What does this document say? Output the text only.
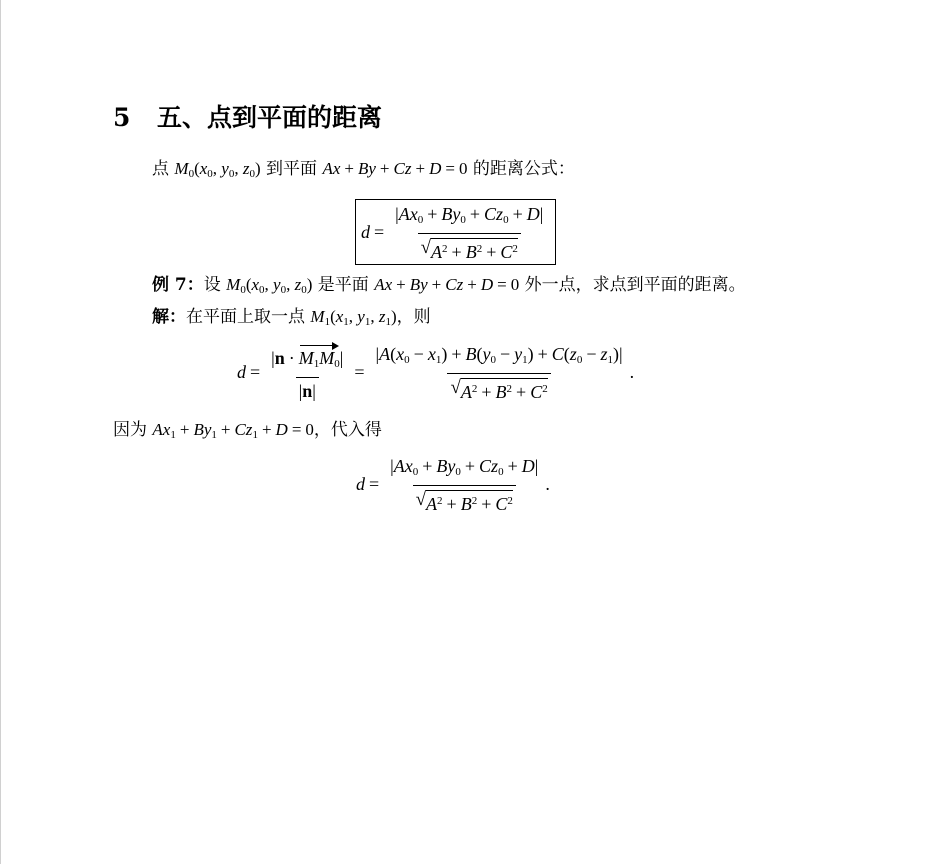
5 五、点到平面的距离
点 $M_0(x_0$, $y_0$, $z_0$) 到平面 Ax + By + Cz + D = 0 的距离公式：
$d = \frac{|Ax_0 + By_0 + Cz_0 + D|}{√ A^2 + B^2 + C^2}$
例 7：设 $M_0(x_0$, $y_0$, $z_0$) 是平面 Ax + By + Cz + D = 0 外一点，求点到平面的距离。
解：在平面上取一点 $M_1(x_1$, $y_1$, $z_1$)，则
$d = \frac{|n \cdot M_1M_0|}{|n|} = \frac{|A(x_0 - x_1) + B(y_0 - y_1) + C(z_0 - z_1)|}{√ A^2 + B^2 + C^2}$ .
因为 $Ax_1 + By_1 + Cz_1 + D = 0$，代入得
$d = \frac{|Ax_0 + By_0 + Cz_0 + D|}{√ A^2 + B^2 + C^2}$ .
